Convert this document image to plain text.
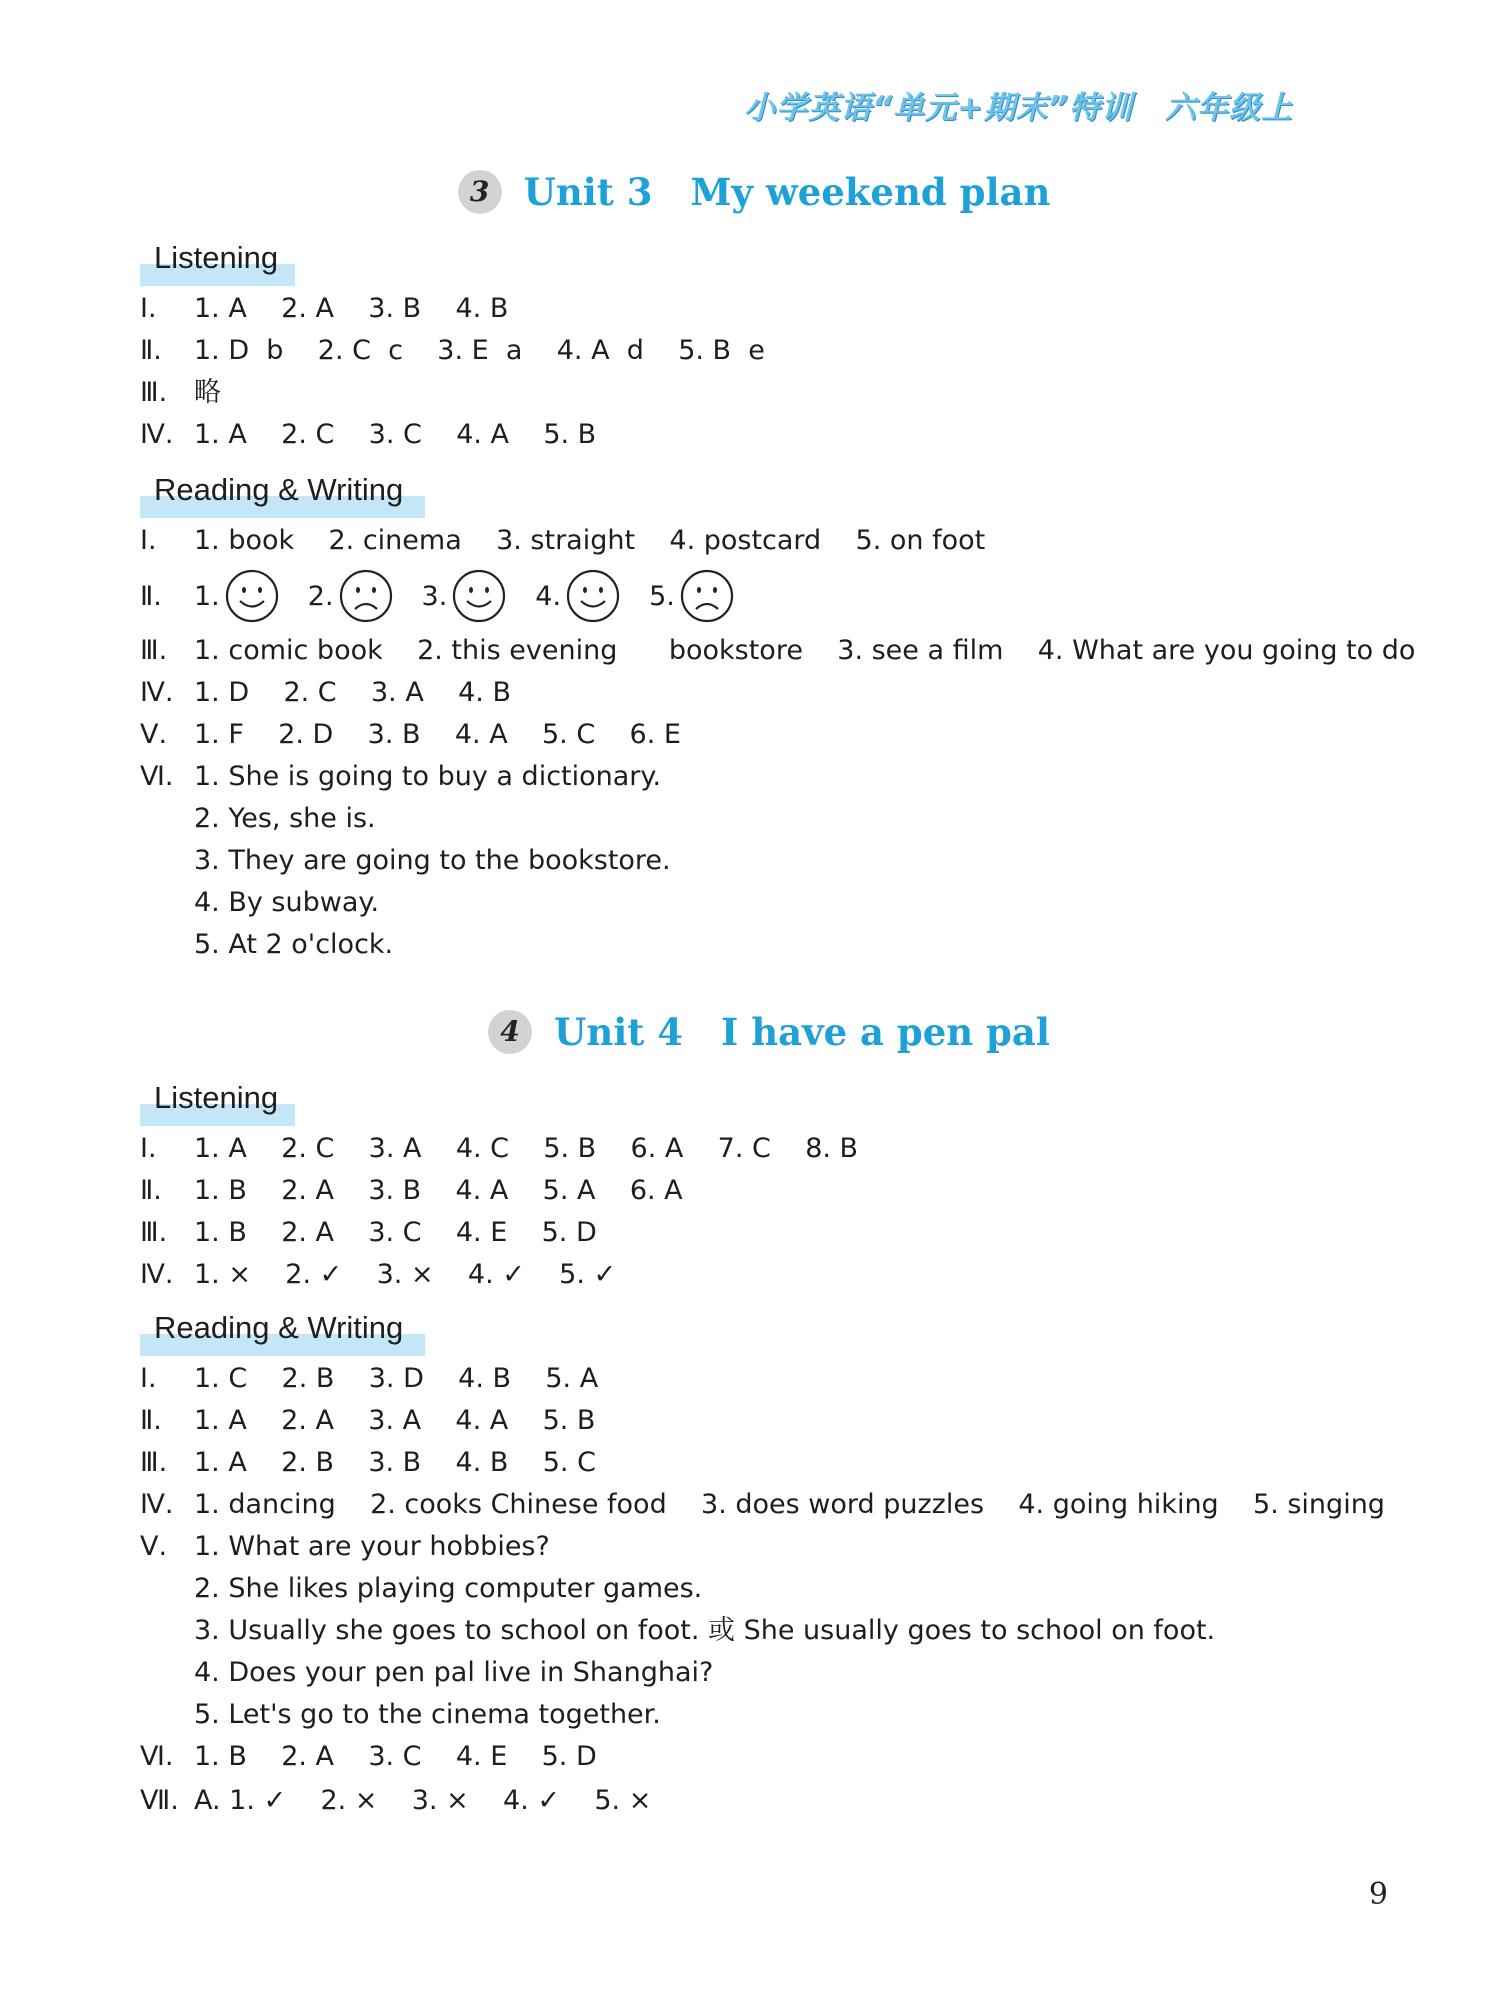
小学英语“单元+期末”特训　六年级上
3 Unit 3 My weekend plan
Listening
Ⅰ. 1. A    2. A    3. B    4. B
Ⅱ. 1. D  b    2. C  c    3. E  a    4. A  d    5. B  e
Ⅲ. 略
Ⅳ. 1. A    2. C    3. C    4. A    5. B
Reading & Writing
Ⅰ. 1. book    2. cinema    3. straight    4. postcard    5. on foot
Ⅱ.	1.	2.	3.	4.	5.
Ⅲ. 1. comic book    2. this evening      bookstore    3. see a film    4. What are you going to do
Ⅳ. 1. D    2. C    3. A    4. B
Ⅴ. 1. F    2. D    3. B    4. A    5. C    6. E
Ⅵ. 1. She is going to buy a dictionary.
2. Yes, she is.
3. They are going to the bookstore.
4. By subway.
5. At 2 o'clock.
4 Unit 4 I have a pen pal
Listening
Ⅰ. 1. A    2. C    3. A    4. C    5. B    6. A    7. C    8. B
Ⅱ. 1. B    2. A    3. B    4. A    5. A    6. A
Ⅲ. 1. B    2. A    3. C    4. E    5. D
Ⅳ. 1. ×    2. ✓    3. ×    4. ✓    5. ✓
Reading & Writing
Ⅰ. 1. C    2. B    3. D    4. B    5. A
Ⅱ. 1. A    2. A    3. A    4. A    5. B
Ⅲ. 1. A    2. B    3. B    4. B    5. C
Ⅳ. 1. dancing    2. cooks Chinese food    3. does word puzzles    4. going hiking    5. singing
Ⅴ. 1. What are your hobbies?
2. She likes playing computer games.
3. Usually she goes to school on foot. 或 She usually goes to school on foot.
4. Does your pen pal live in Shanghai?
5. Let's go to the cinema together.
Ⅵ. 1. B    2. A    3. C    4. E    5. D
Ⅶ. A. 1. ✓    2. ×    3. ×    4. ✓    5. ×
9
